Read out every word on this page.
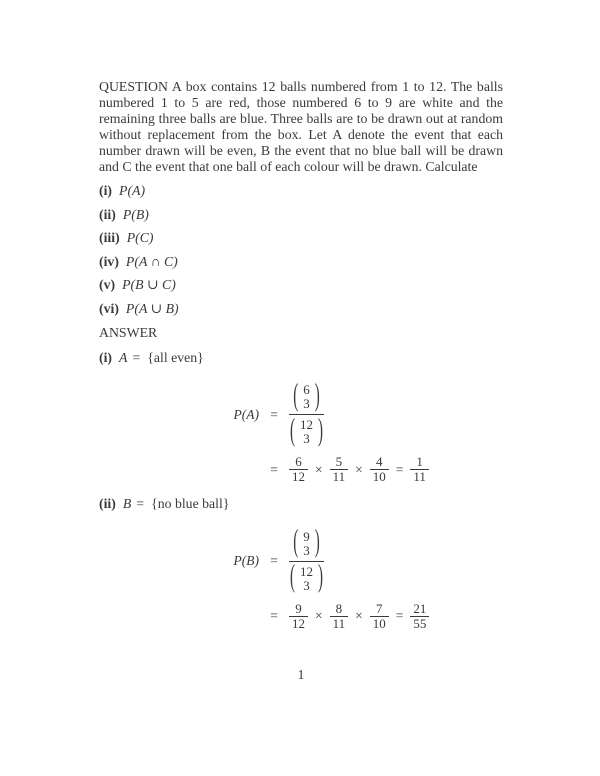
QUESTION A box contains 12 balls numbered from 1 to 12. The balls numbered 1 to 5 are red, those numbered 6 to 9 are white and the remaining three balls are blue. Three balls are to be drawn out at random without replacement from the box. Let A denote the event that each number drawn will be even, B the event that no blue ball will be drawn and C the event that one ball of each colour will be drawn. Calculate
(i) P(A)
(ii) P(B)
(iii) P(C)
(iv) P(A ∩ C)
(v) P(B ∪ C)
(vi) P(A ∪ B)
ANSWER
(i) A = {all even}
P(A) =
( 6
3 )
( 12
3 )
= $\frac{6}{12} \times \frac{5}{11} \times \frac{4}{10} = \frac{1}{11}$
(ii) B = {no blue ball}
P(B) =
( 9
3 )
( 12
3 )
= $\frac{9}{12} \times \frac{8}{11} \times \frac{7}{10} = \frac{21}{55}$
1
